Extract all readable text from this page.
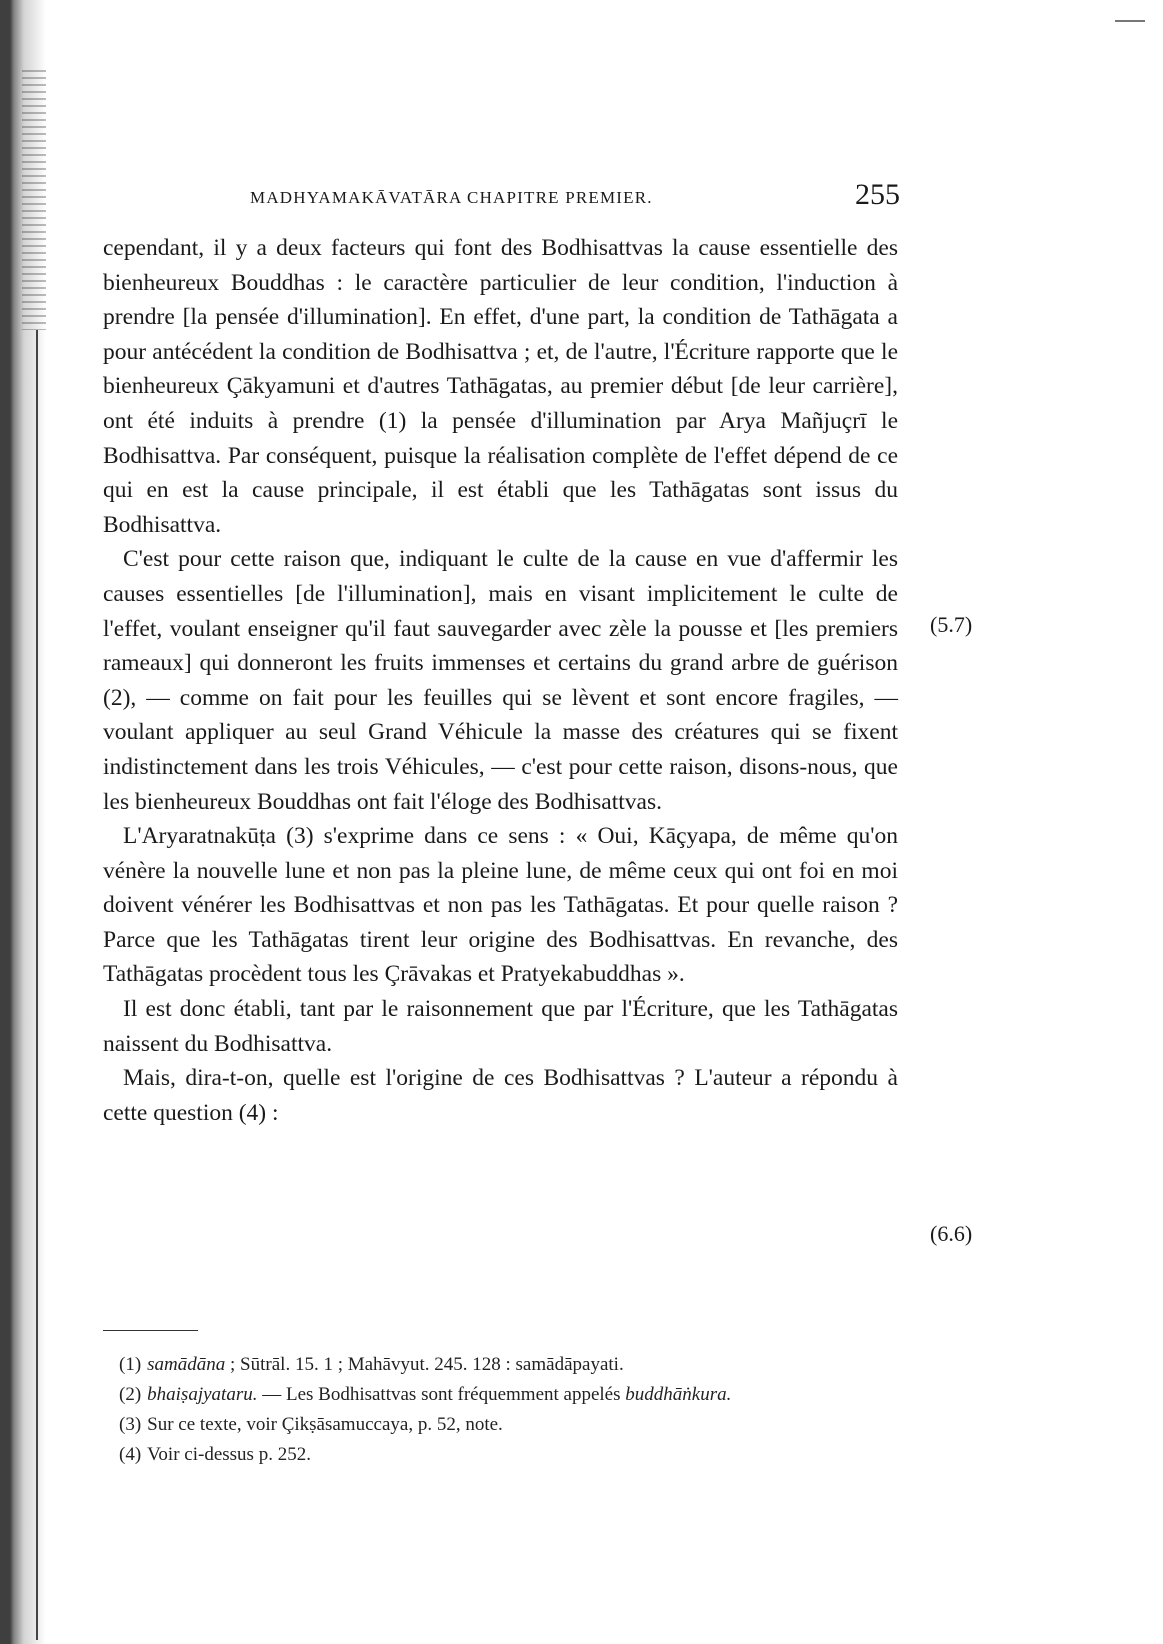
MADHYAMAKĀVATĀRA CHAPITRE PREMIER.	255

cependant, il y a deux facteurs qui font des Bodhisattvas la cause essentielle des bienheureux Bouddhas : le caractère particulier de leur condition, l'induction à prendre [la pensée d'illumination]. En effet, d'une part, la condition de Tathāgata a pour antécédent la condition de Bodhisattva ; et, de l'autre, l'Écriture rapporte que le bienheureux Çākyamuni et d'autres Tathāgatas, au premier début [de leur carrière], ont été induits à prendre (1) la pensée d'illumination par Arya Mañjuçrī le Bodhisattva. Par conséquent, puisque la réalisation complète de l'effet dépend de ce qui en est la cause principale, il est établi que les Tathāgatas sont issus du Bodhisattva.

C'est pour cette raison que, indiquant le culte de la cause en vue d'affermir les causes essentielles [de l'illumination], mais en visant implicitement le culte de l'effet, voulant enseigner qu'il faut sauvegarder avec zèle la pousse et [les premiers rameaux] qui donneront les fruits immenses et certains du grand arbre de guérison (2), — comme on fait pour les feuilles qui se lèvent et sont encore fragiles, — voulant appliquer au seul Grand Véhicule la masse des créatures qui se fixent indistinctement dans les trois Véhicules, — c'est pour cette raison, disons-nous, que les bienheureux Bouddhas ont fait l'éloge des Bodhisattvas.

L'Aryaratnakūṭa (3) s'exprime dans ce sens : « Oui, Kāçyapa, de même qu'on vénère la nouvelle lune et non pas la pleine lune, de même ceux qui ont foi en moi doivent vénérer les Bodhisattvas et non pas les Tathāgatas. Et pour quelle raison ? Parce que les Tathāgatas tirent leur origine des Bodhisattvas. En revanche, des Tathāgatas procèdent tous les Çrāvakas et Pratyekabuddhas ».

Il est donc établi, tant par le raisonnement que par l'Écriture, que les Tathāgatas naissent du Bodhisattva.

Mais, dira-t-on, quelle est l'origine de ces Bodhisattvas ? L'auteur a répondu à cette question (4) :

(5.7)
(6.6)

(1) samādāna ; Sūtrāl. 15. 1 ; Mahāvyut. 245. 128 : samādāpayati.

(2) bhaiṣajyataru. — Les Bodhisattvas sont fréquemment appelés buddhāṅkura.

(3) Sur ce texte, voir Çikṣāsamuccaya, p. 52, note.

(4) Voir ci-dessus p. 252.
